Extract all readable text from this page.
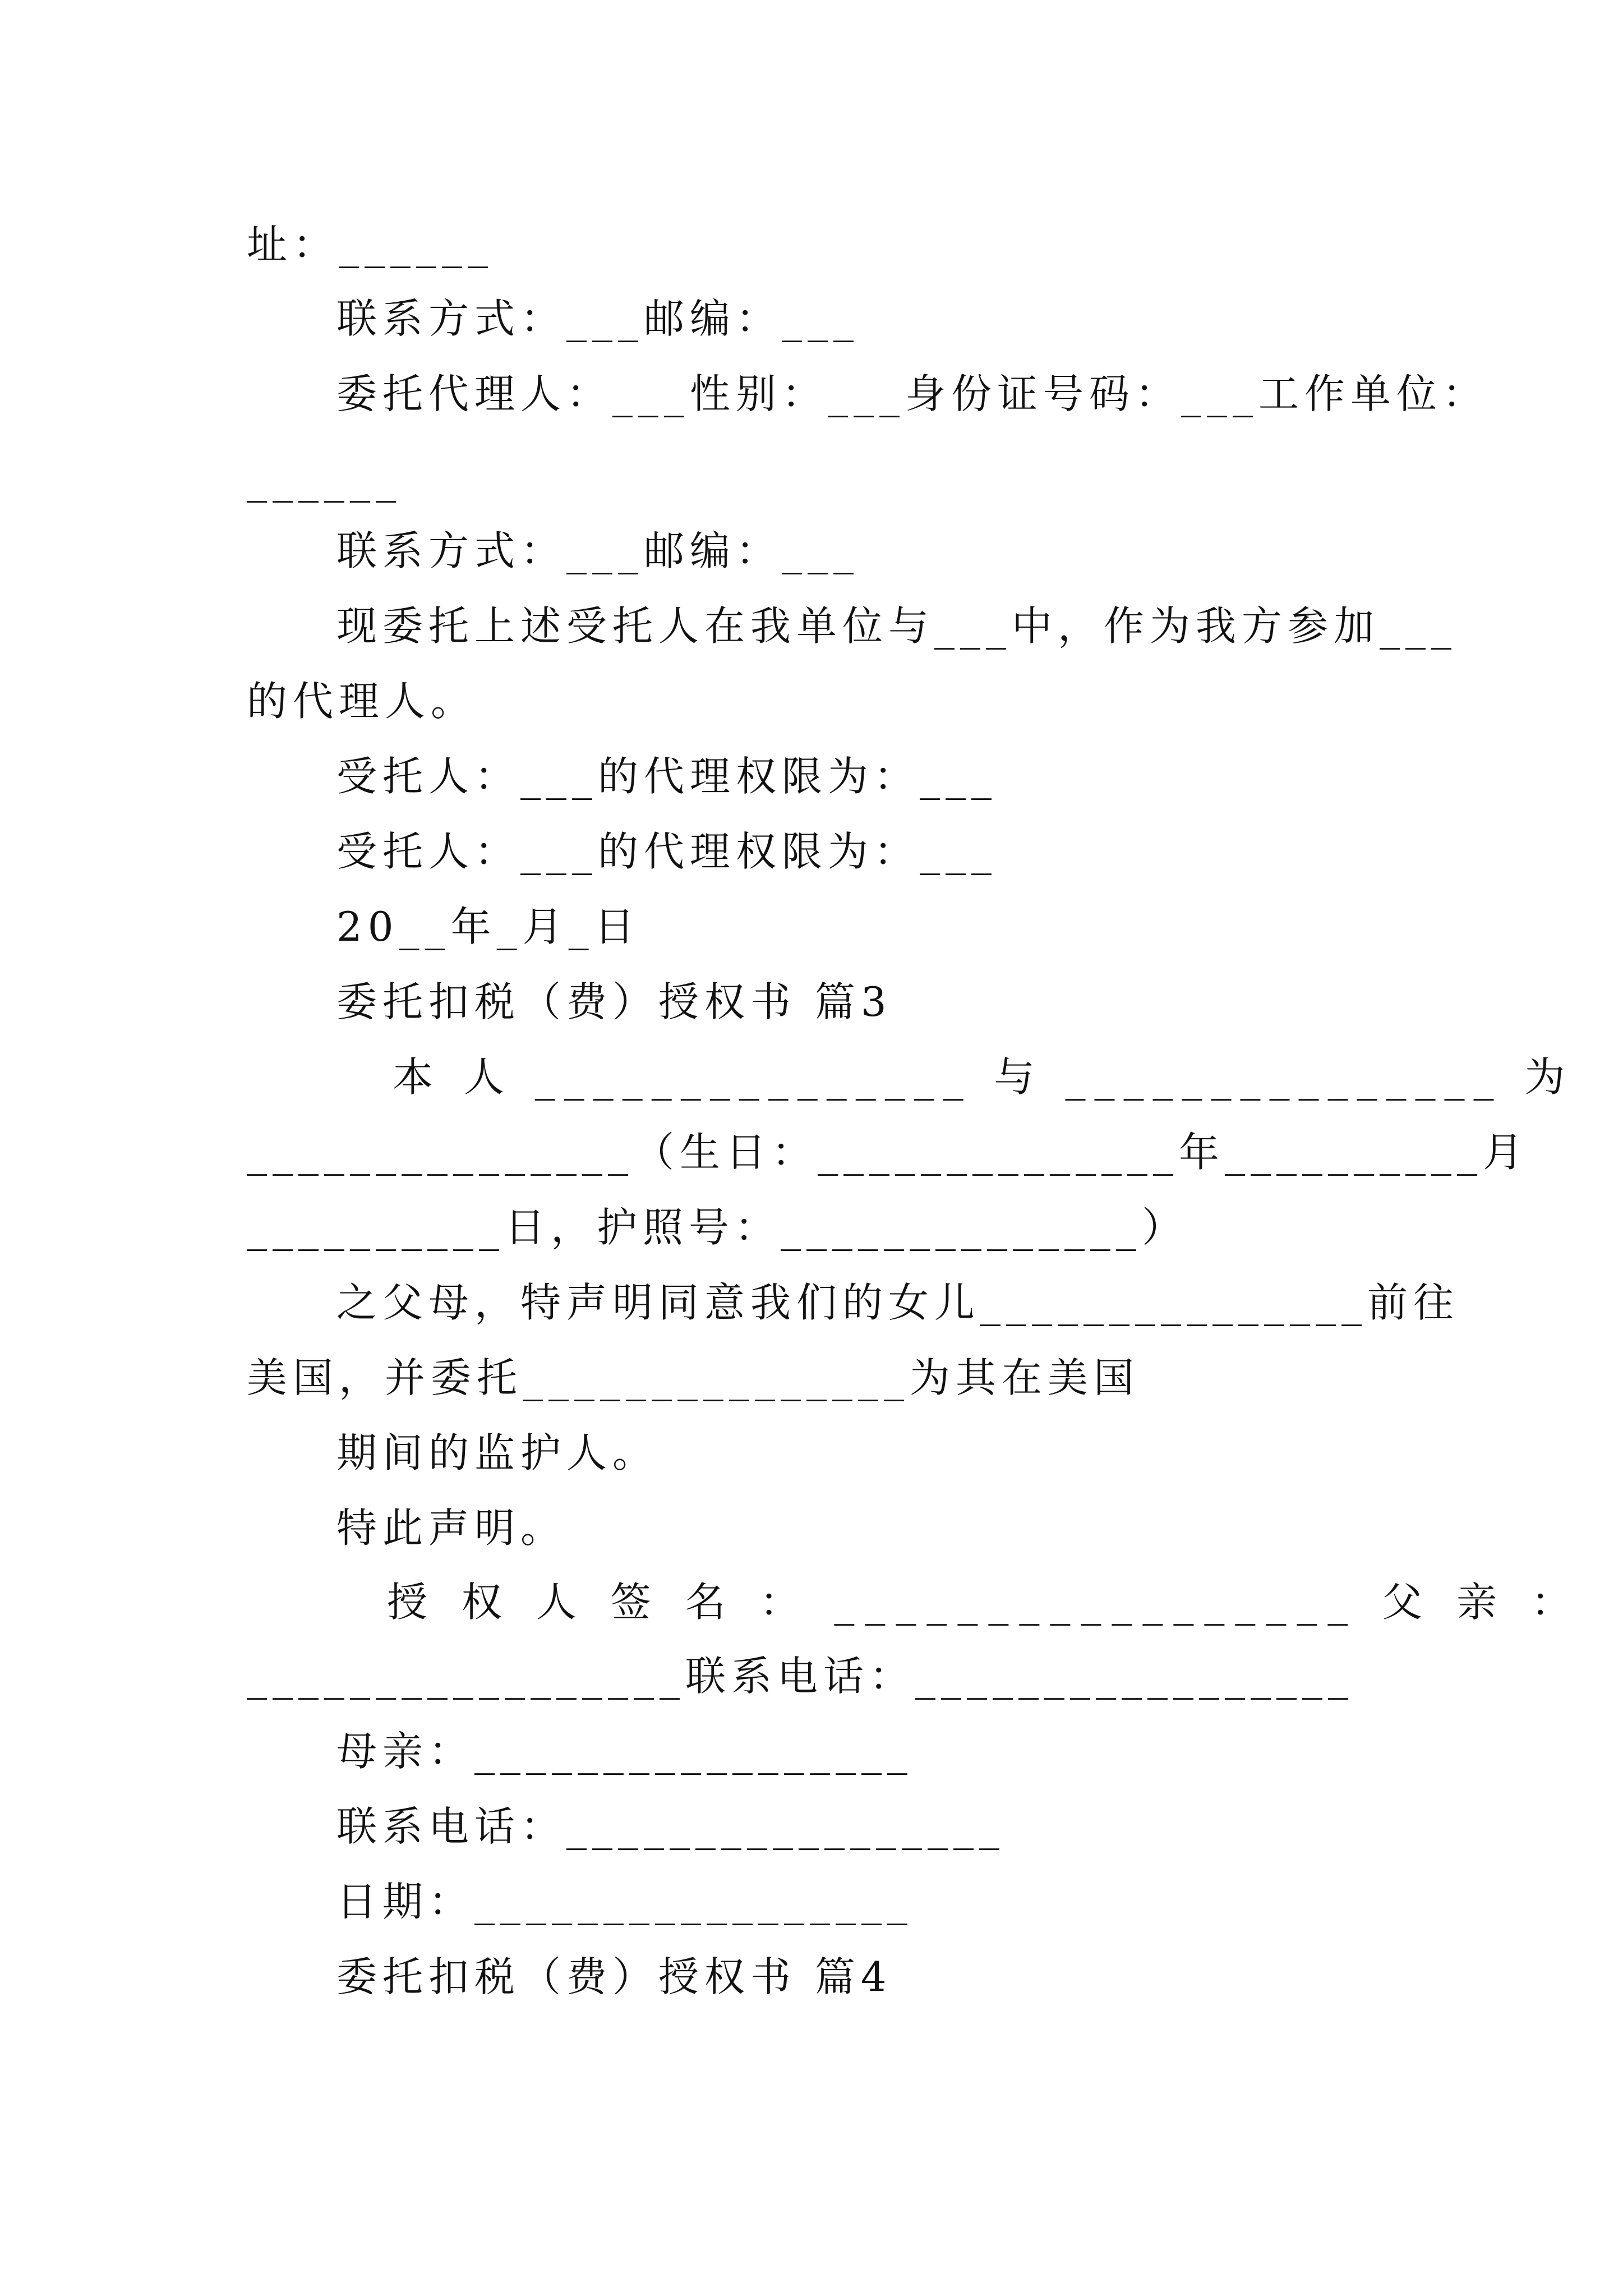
址：______
联系方式：___邮编：___
委托代理人：___性别：___身份证号码：___工作单位：
______
联系方式：___邮编：___
现委托上述受托人在我单位与___中，作为我方参加___
的代理人。
受托人：___的代理权限为：___
受托人：___的代理权限为：___
20__年_月_日
委托扣税（费）授权书 篇3
本 人 _______________ 与 _______________ 为
_______________（生日：______________年__________月
__________日，护照号：______________）
之父母，特声明同意我们的女儿_______________前往
美国，并委托_______________为其在美国
期间的监护人。
特此声明。
授 权 人 签 名 ： _________________ 父 亲 ：
_________________联系电话：_________________
母亲：_________________
联系电话：_________________
日期：_________________
委托扣税（费）授权书 篇4
